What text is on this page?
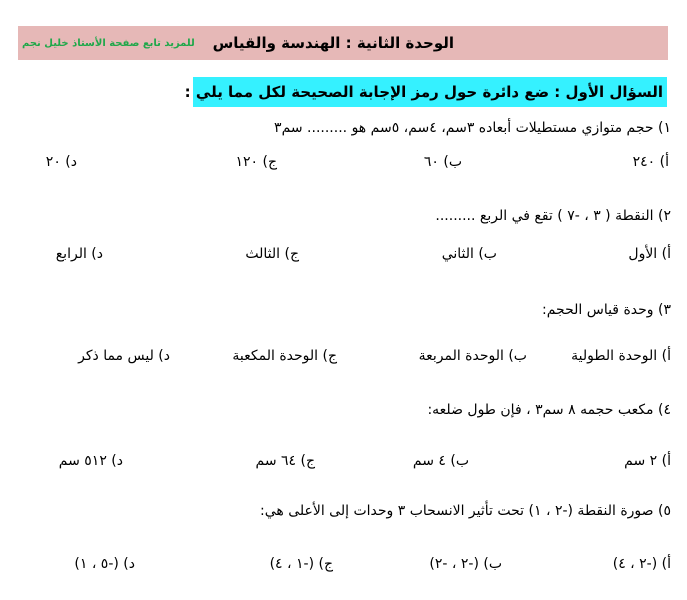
الوحدة الثانية : الهندسة والقياس
للمزيد تابع صفحة الأستاذ خليل نجم
السؤال الأول : ضع دائرة حول رمز الإجابة الصحيحة لكل مما يلي :
١) حجم متوازي مستطيلات أبعاده ٣سم، ٤سم، ٥سم هو ......... سم٣
أ) ٢٤٠
ب) ٦٠
ج) ١٢٠
د) ٢٠
٢) النقطة ( ٣ ، -٧ ) تقع في الربع .........
أ) الأول
ب) الثاني
ج) الثالث
د) الرابع
٣) وحدة قياس الحجم:
أ) الوحدة الطولية
ب) الوحدة المربعة
ج) الوحدة المكعبة
د) ليس مما ذكر
٤) مكعب حجمه ٨ سم٣ ، فإن طول ضلعه:
أ) ٢ سم
ب) ٤ سم
ج) ٦٤ سم
د) ٥١٢ سم
٥) صورة النقطة (-٢ ، ١) تحت تأثير الانسحاب ٣ وحدات إلى الأعلى هي:
أ) (-٢ ، ٤)
ب) (-٢ ، -٢)
ج) (-١ ، ٤)
د) (-٥ ، ١)
